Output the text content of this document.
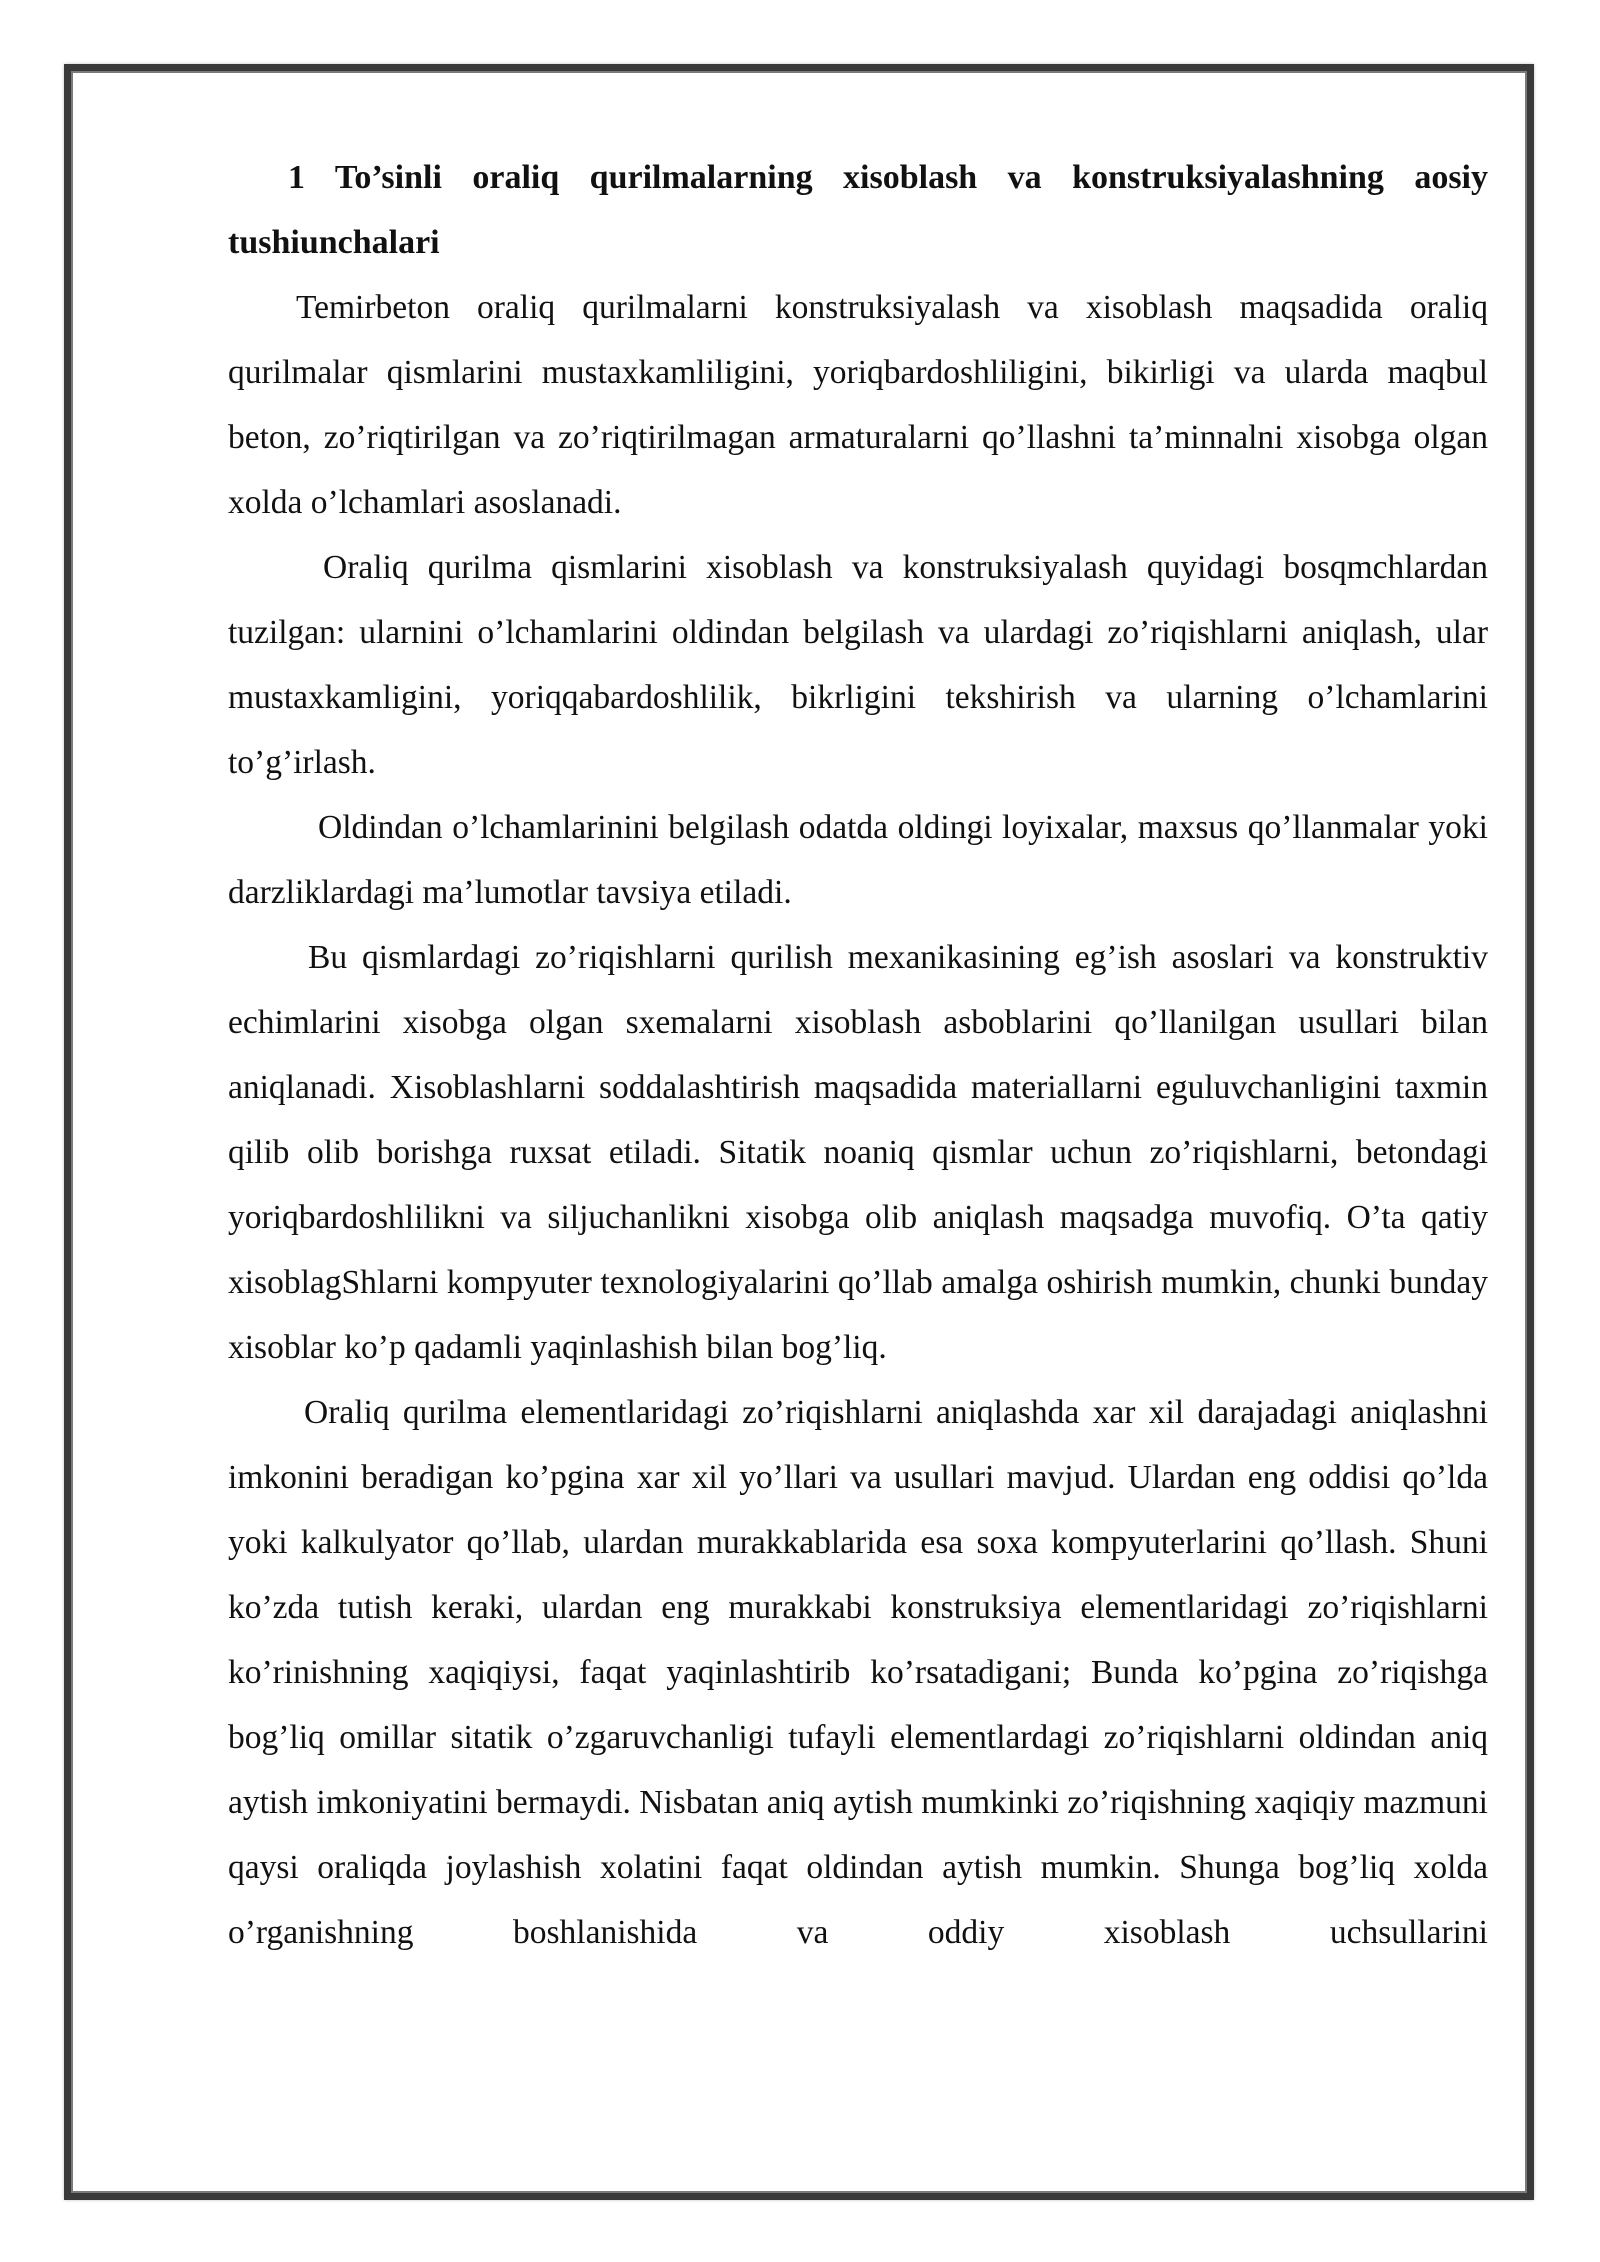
1 To’sinli oraliq qurilmalarning xisoblash va konstruksiyalashning aosiy tushiunchalari

Temirbeton oraliq qurilmalarni konstruksiyalash va xisoblash maqsadida oraliq qurilmalar qismlarini mustaxkamliligini, yoriqbardoshliligini, bikirligi va ularda maqbul beton, zo’riqtirilgan va zo’riqtirilmagan armaturalarni qo’llashni ta’minnalni xisobga olgan xolda o’lchamlari asoslanadi.

Oraliq qurilma qismlarini xisoblash va konstruksiyalash quyidagi bosqmchlardan tuzilgan: ularnini o’lchamlarini oldindan belgilash va ulardagi zo’riqishlarni aniqlash, ular mustaxkamligini, yoriqqabardoshlilik, bikrligini tekshirish va ularning o’lchamlarini to’g’irlash.

Oldindan o’lchamlarinini belgilash odatda oldingi loyixalar, maxsus qo’llanmalar yoki darzliklardagi ma’lumotlar tavsiya etiladi.

Bu qismlardagi zo’riqishlarni qurilish mexanikasining eg’ish asoslari va konstruktiv echimlarini xisobga olgan sxemalarni xisoblash asboblarini qo’llanilgan usullari bilan aniqlanadi. Xisoblashlarni soddalashtirish maqsadida materiallarni eguluvchanligini taxmin qilib olib borishga ruxsat etiladi. Sitatik noaniq qismlar uchun zo’riqishlarni, betondagi yoriqbardoshlilikni va siljuchanlikni xisobga olib aniqlash maqsadga muvofiq. O’ta qatiy xisoblagShlarni kompyuter texnologiyalarini qo’llab amalga oshirish mumkin, chunki bunday xisoblar ko’p qadamli yaqinlashish bilan bog’liq.

Oraliq qurilma elementlaridagi zo’riqishlarni aniqlashda xar xil darajadagi aniqlashni imkonini beradigan ko’pgina xar xil yo’llari va usullari mavjud. Ulardan eng oddisi qo’lda yoki kalkulyator qo’llab, ulardan murakkablarida esa soxa kompyuterlarini qo’llash. Shuni ko’zda tutish keraki, ulardan eng murakkabi konstruksiya elementlaridagi zo’riqishlarni ko’rinishning xaqiqiysi, faqat yaqinlashtirib ko’rsatadigani; Bunda ko’pgina zo’riqishga bog’liq omillar sitatik o’zgaruvchanligi tufayli elementlardagi zo’riqishlarni oldindan aniq aytish imkoniyatini bermaydi. Nisbatan aniq aytish mumkinki zo’riqishning xaqiqiy mazmuni qaysi oraliqda joylashish xolatini faqat oldindan aytish mumkin. Shunga bog’liq xolda o’rganishning boshlanishida va oddiy xisoblash uchsullarini
